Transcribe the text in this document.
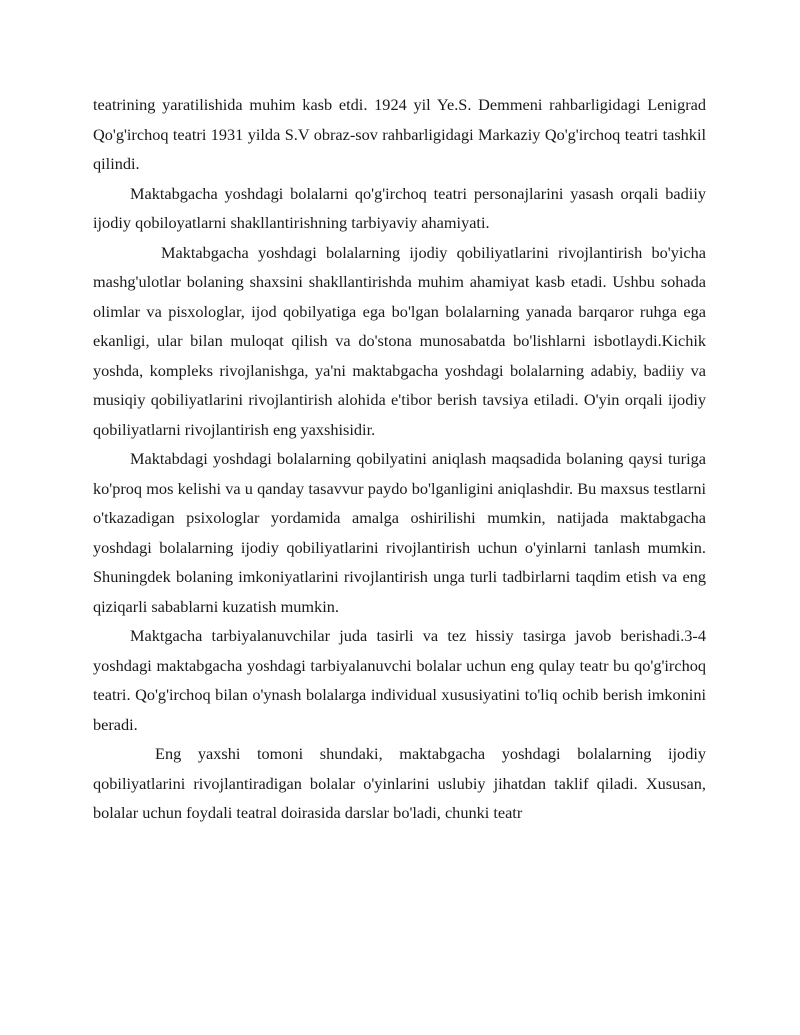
teatrining yaratilishida muhim kasb etdi. 1924 yil Ye.S. Demmeni rahbarligidagi Lenigrad Qo'g'irchoq teatri 1931 yilda S.V obraz-sov rahbarligidagi Markaziy Qo'g'irchoq teatri tashkil qilindi.

Maktabgacha yoshdagi bolalarni qo'g'irchoq teatri personajlarini yasash orqali badiiy ijodiy qobiloyatlarni shakllantirishning tarbiyaviy ahamiyati.

Maktabgacha yoshdagi bolalarning ijodiy qobiliyatlarini rivojlantirish bo'yicha mashg'ulotlar bolaning shaxsini shakllantirishda muhim ahamiyat kasb etadi. Ushbu sohada olimlar va pisxologlar, ijod qobilyatiga ega bo'lgan bolalarning yanada barqaror ruhga ega ekanligi, ular bilan muloqat qilish va do'stona munosabatda bo'lishlarni isbotlaydi.Kichik yoshda, kompleks rivojlanishga, ya'ni maktabgacha yoshdagi bolalarning adabiy, badiiy va musiqiy qobiliyatlarini rivojlantirish alohida e'tibor berish tavsiya etiladi. O'yin orqali ijodiy qobiliyatlarni rivojlantirish eng yaxshisidir.

Maktabdagi yoshdagi bolalarning qobilyatini aniqlash maqsadida bolaning qaysi turiga ko'proq mos kelishi va u qanday tasavvur paydo bo'lganligini aniqlashdir. Bu maxsus testlarni o'tkazadigan psixologlar yordamida amalga oshirilishi mumkin, natijada maktabgacha yoshdagi bolalarning ijodiy qobiliyatlarini rivojlantirish uchun o'yinlarni tanlash mumkin. Shuningdek bolaning imkoniyatlarini rivojlantirish unga turli tadbirlarni taqdim etish va eng qiziqarli sabablarni kuzatish mumkin.

Maktgacha tarbiyalanuvchilar juda tasirli va tez hissiy tasirga javob berishadi.3-4 yoshdagi maktabgacha yoshdagi tarbiyalanuvchi bolalar uchun eng qulay teatr bu qo'g'irchoq teatri. Qo'g'irchoq bilan o'ynash bolalarga individual xususiyatini to'liq ochib berish imkonini beradi.

Eng yaxshi tomoni shundaki, maktabgacha yoshdagi bolalarning ijodiy qobiliyatlarini rivojlantiradigan bolalar o'yinlarini uslubiy jihatdan taklif qiladi. Xususan, bolalar uchun foydali teatral doirasida darslar bo'ladi, chunki teatr
